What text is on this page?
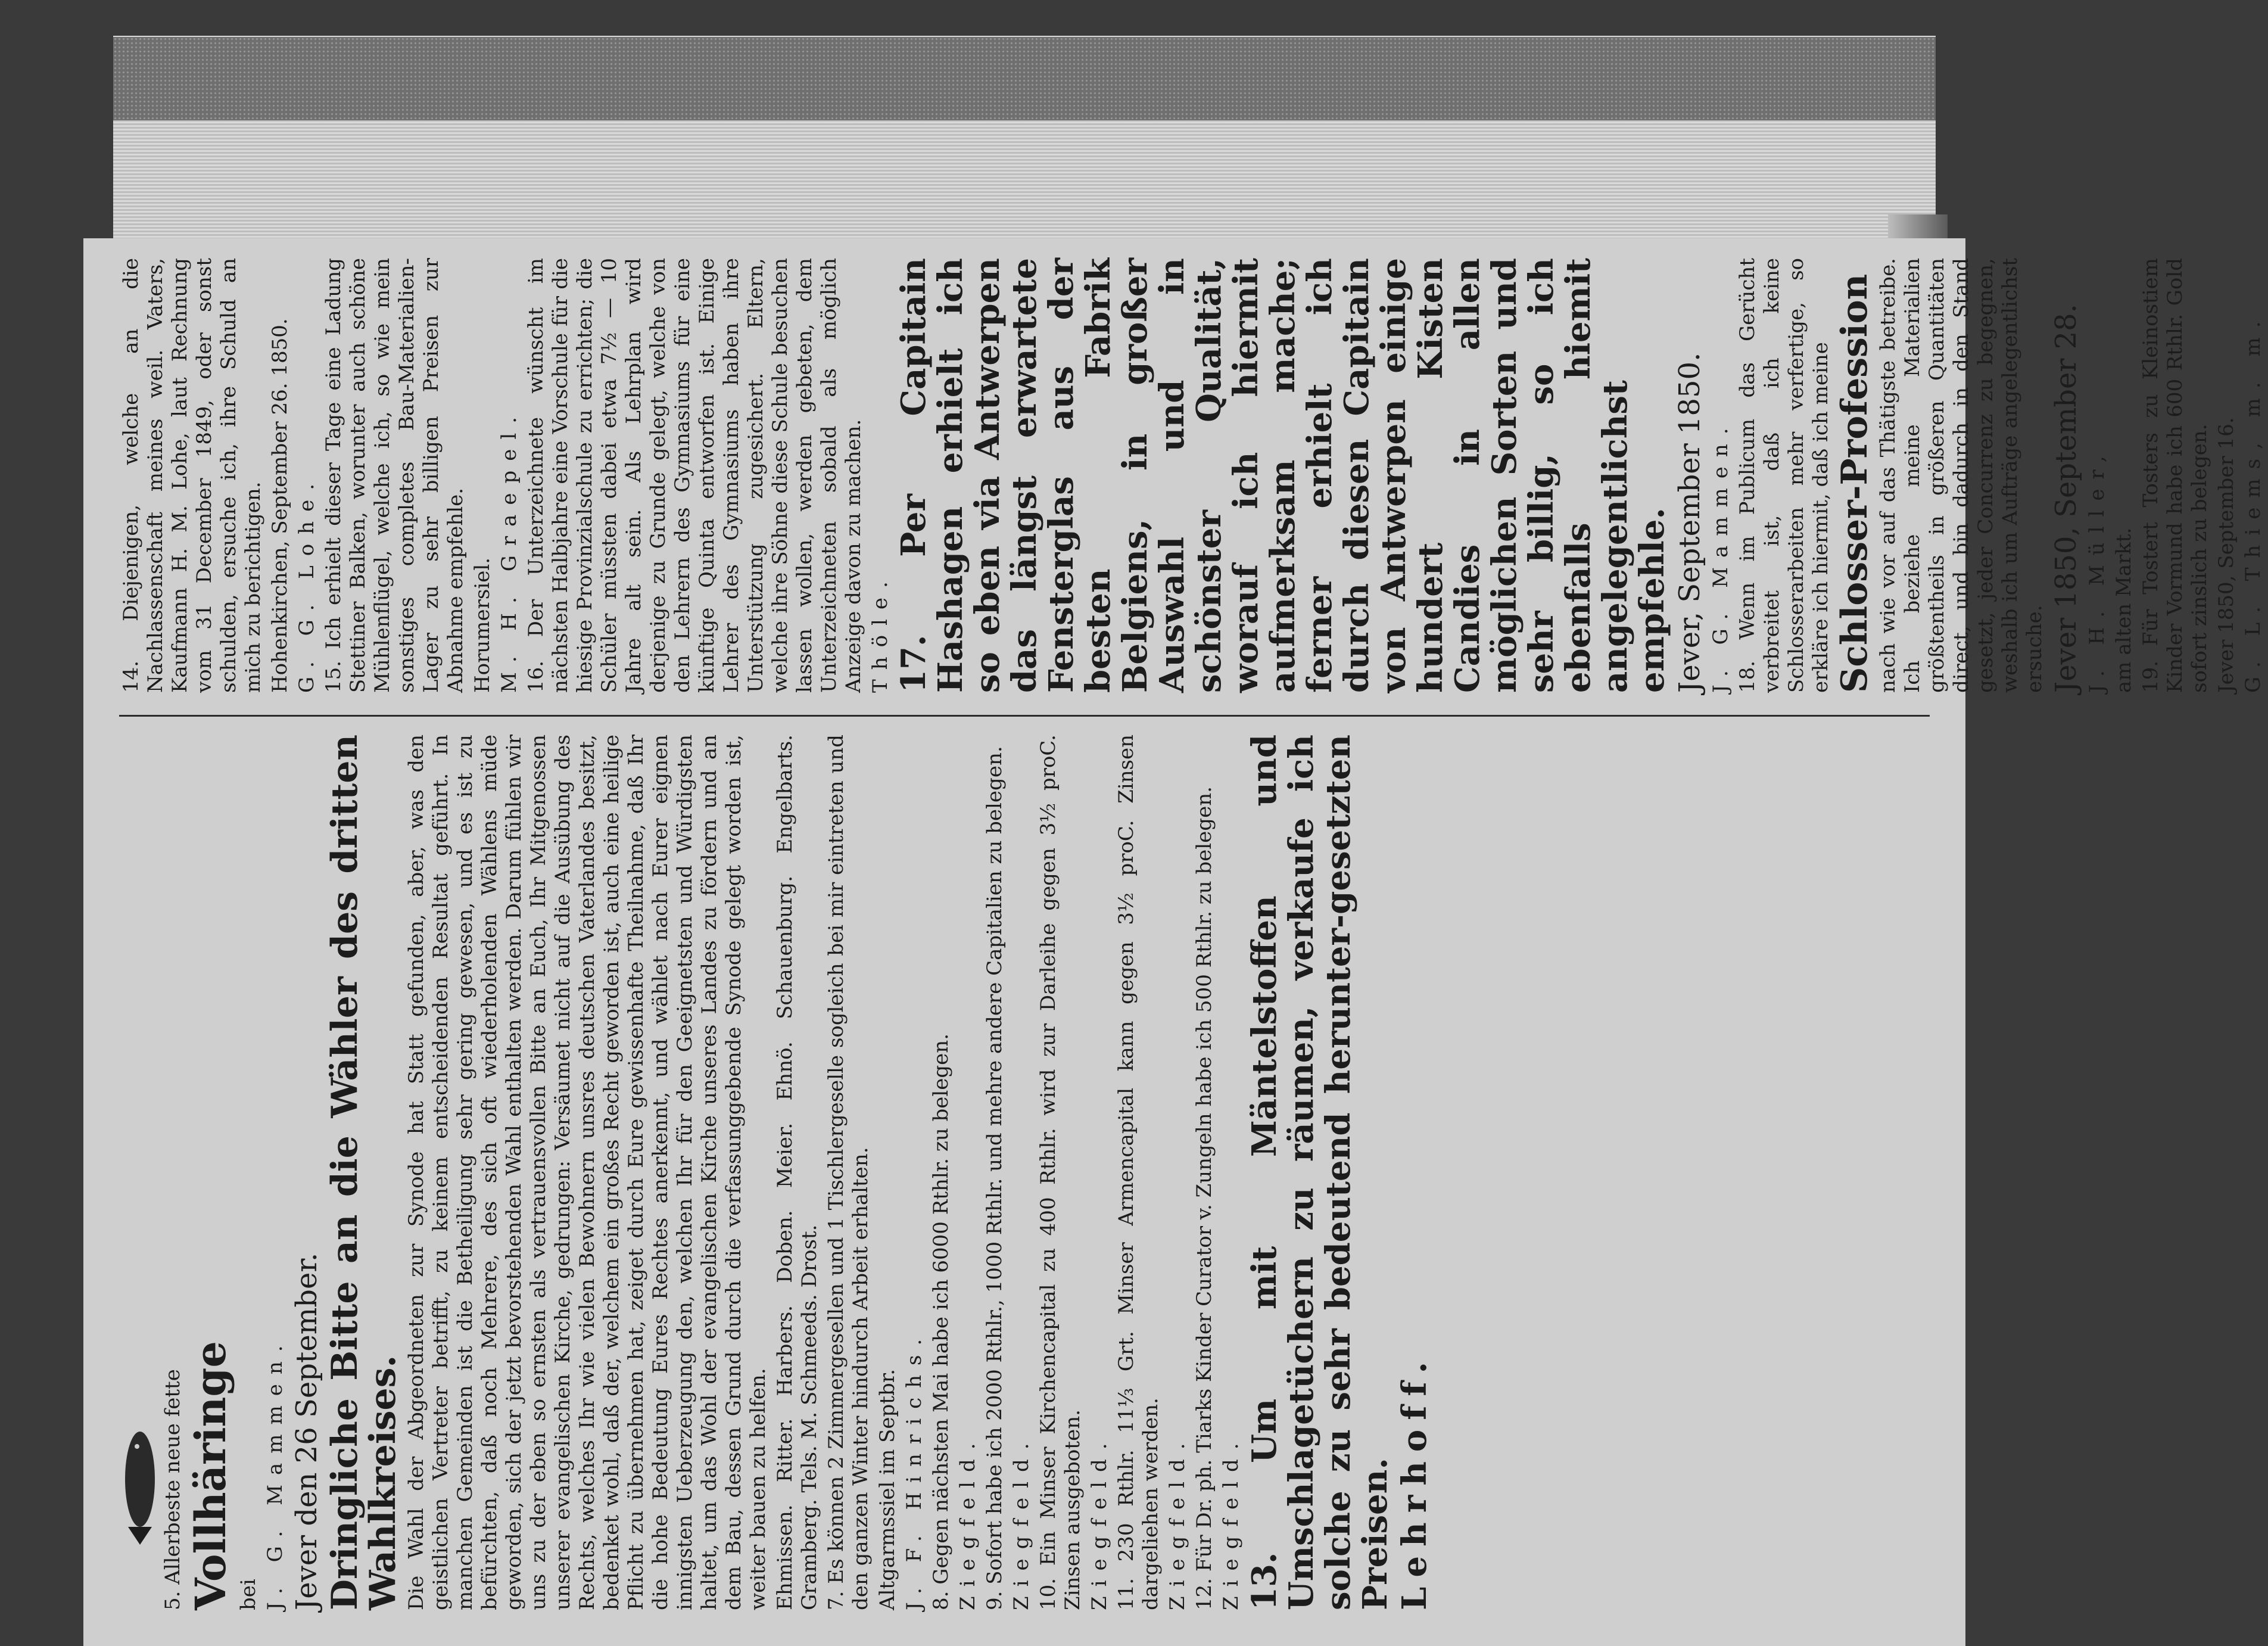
5. Allerbeste neue fette Vollhäringe bei J. G. Mammen. Jever den 26 September. Dringliche Bitte an die Wähler des dritten Wahlkreises. Die Wahl der Abgeordneten zur Synode hat Statt gefunden, aber, was den geistlichen Vertreter betrifft, zu keinem entscheidenden Resultat geführt. In manchen Gemeinden ist die Betheiligung sehr gering gewesen, und es ist zu befürchten, daß noch Mehrere, des sich oft wiederholenden Wählens müde geworden, sich der jetzt bevorstehenden Wahl enthalten werden. Darum fühlen wir uns zu der eben so ernsten als vertrauensvollen Bitte an Euch, Ihr Mitgenossen unserer evangelischen Kirche, gedrungen: Versäumet nicht auf die Ausübung des Rechts, welches Ihr wie vielen Bewohnern unsres deutschen Vaterlandes besitzt, bedenket wohl, daß der, welchem ein großes Recht geworden ist, auch eine heilige Pflicht zu übernehmen hat, zeiget durch Eure gewissenhafte Theilnahme, daß Ihr die hohe Bedeutung Eures Rechtes anerkennt, und wählet nach Eurer eignen innigsten Ueberzeugung den, welchen Ihr für den Geeignetsten und Würdigsten haltet, um das Wohl der evangelischen Kirche unseres Landes zu fördern und an dem Bau, dessen Grund durch die verfassunggebende Synode gelegt worden ist, weiter bauen zu helfen. Ehmissen. Ritter. Harbers. Doben. Meier. Ehnö. Schauenburg. Engelbarts. Gramberg. Tels. M. Schmeeds. Drost. 7. Es können 2 Zimmergesellen und 1 Tischlergeselle sogleich bei mir eintreten und den ganzen Winter hindurch Arbeit erhalten. Altgarmssiel im Septbr. J. F. Hinrichs. 8. Gegen nächsten Mai habe ich 6000 Rthlr. zu belegen. Ziegfeld. 9. Sofort habe ich 2000 Rthlr., 1000 Rthlr. und mehre andere Capitalien zu belegen. Ziegfeld. 10. Ein Minser Kirchencapital zu 400 Rthlr. wird zur Darleihe gegen 3½ proC. Zinsen ausgeboten. Ziegfeld. 11. 230 Rthlr. 11⅓ Grt. Minser Armencapital kann gegen 3½ proC. Zinsen dargeliehen werden. Ziegfeld. 12. Für Dr. ph. Tiarks Kinder Curator v. Zungeln habe ich 500 Rthlr. zu belegen. Ziegfeld. 13. Um mit Mäntelstoffen und Umschlagetüchern zu räumen, verkaufe ich solche zu sehr bedeutend herunter-gesetzten Preisen. Lehrhoff.

14. Diejenigen, welche an die Nachlassenschaft meines weil. Vaters, Kaufmann H. M. Lohe, laut Rechnung vom 31 December 1849, oder sonst schulden, ersuche ich, ihre Schuld an mich zu berichtigen. Hohenkirchen, September 26. 1850. G. G. Lohe. 15. Ich erhielt dieser Tage eine Ladung Stettiner Balken, worunter auch schöne Mühlenflügel, welche ich, so wie mein sonstiges completes Bau-Materialien-Lager zu sehr billigen Preisen zur Abnahme empfehle. Horumersiel. M. H. Graepel. 16. Der Unterzeichnete wünscht im nächsten Halbjahre eine Vorschule für die hiesige Provinzialschule zu errichten; die Schüler müssten dabei etwa 7½ — 10 Jahre alt sein. Als Lehrplan wird derjenige zu Grunde gelegt, welche von den Lehrern des Gymnasiums für eine künftige Quinta entworfen ist. Einige Lehrer des Gymnasiums haben ihre Unterstützung zugesichert. Eltern, welche ihre Söhne diese Schule besuchen lassen wollen, werden gebeten, dem Unterzeichneten sobald als möglich Anzeige davon zu machen. Thöle. 17. Per Capitain Hashagen erhielt ich so eben via Antwerpen das längst erwartete Fensterglas aus der besten Fabrik Belgiens, in großer Auswahl und in schönster Qualität, worauf ich hiermit aufmerksam mache; ferner erhielt ich durch diesen Capitain von Antwerpen einige hundert Kisten Candies in allen möglichen Sorten und sehr billig, so ich ebenfalls hiemit angelegentlichst empfehle. Jever, September 1850. J. G. Mammen. 18. Wenn im Publicum das Gerücht verbreitet ist, daß ich keine Schlosserarbeiten mehr verfertige, so erkläre ich hiermit, daß ich meine Schlosser-Profession nach wie vor auf das Thätigste betreibe. Ich beziehe meine Materialien größtentheils in größeren Quantitäten direct, und bin dadurch in den Stand gesetzt, jeder Concurrenz zu begegnen, weshalb ich um Aufträge angelegentlichst ersuche. Jever 1850, September 28. J. H. Müller, am alten Markt. 19. Für Tostert Tosters zu Kleinostiem Kinder Vormund habe ich 600 Rthlr. Gold sofort zinslich zu belegen. Jever 1850, September 16. G. L. Thiems, m. m.
